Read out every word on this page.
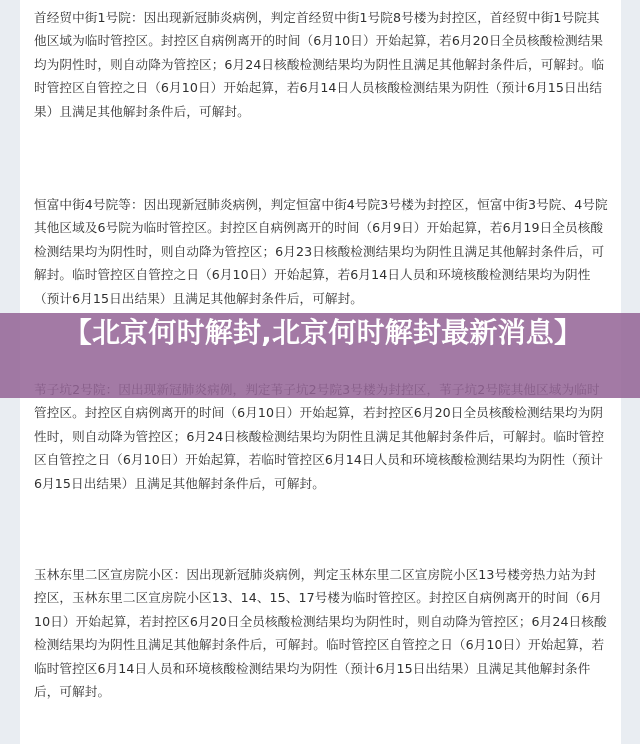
首经贸中街1号院：因出现新冠肺炎病例，判定首经贸中街1号院8号楼为封控区，首经贸中街1号院其他区域为临时管控区。封控区自病例离开的时间（6月10日）开始起算，若6月20日全员核酸检测结果均为阴性时，则自动降为管控区；6月24日核酸检测结果均为阴性且满足其他解封条件后，可解封。临时管控区自管控之日（6月10日）开始起算，若6月14日人员核酸检测结果为阴性（预计6月15日出结果）且满足其他解封条件后，可解封。

恒富中街4号院等：因出现新冠肺炎病例，判定恒富中街4号院3号楼为封控区，恒富中街3号院、4号院其他区域及6号院为临时管控区。封控区自病例离开的时间（6月9日）开始起算，若6月19日全员核酸检测结果均为阴性时，则自动降为管控区；6月23日核酸检测结果均为阴性且满足其他解封条件后，可解封。临时管控区自管控之日（6月10日）开始起算，若6月14日人员和环境核酸检测结果均为阴性（预计6月15日出结果）且满足其他解封条件后，可解封。

管控区。封控区自病例离开的时间（6月10日）开始起算，若封控区6月20日全员核酸检测结果均为阴性时，则自动降为管控区；6月24日核酸检测结果均为阴性且满足其他解封条件后，可解封。临时管控区自管控之日（6月10日）开始起算，若临时管控区6月14日人员和环境核酸检测结果均为阴性（预计6月15日出结果）且满足其他解封条件后，可解封。

玉林东里二区宣房院小区：因出现新冠肺炎病例，判定玉林东里二区宣房院小区13号楼旁热力站为封控区，玉林东里二区宣房院小区13、14、15、17号楼为临时管控区。封控区自病例离开的时间（6月10日）开始起算，若封控区6月20日全员核酸检测结果均为阴性时，则自动降为管控区；6月24日核酸检测结果均为阴性且满足其他解封条件后，可解封。临时管控区自管控之日（6月10日）开始起算，若临时管控区6月14日人员和环境核酸检测结果均为阴性（预计6月15日出结果）且满足其他解封条件后，可解封。

【北京何时解封,北京何时解封最新消息】
